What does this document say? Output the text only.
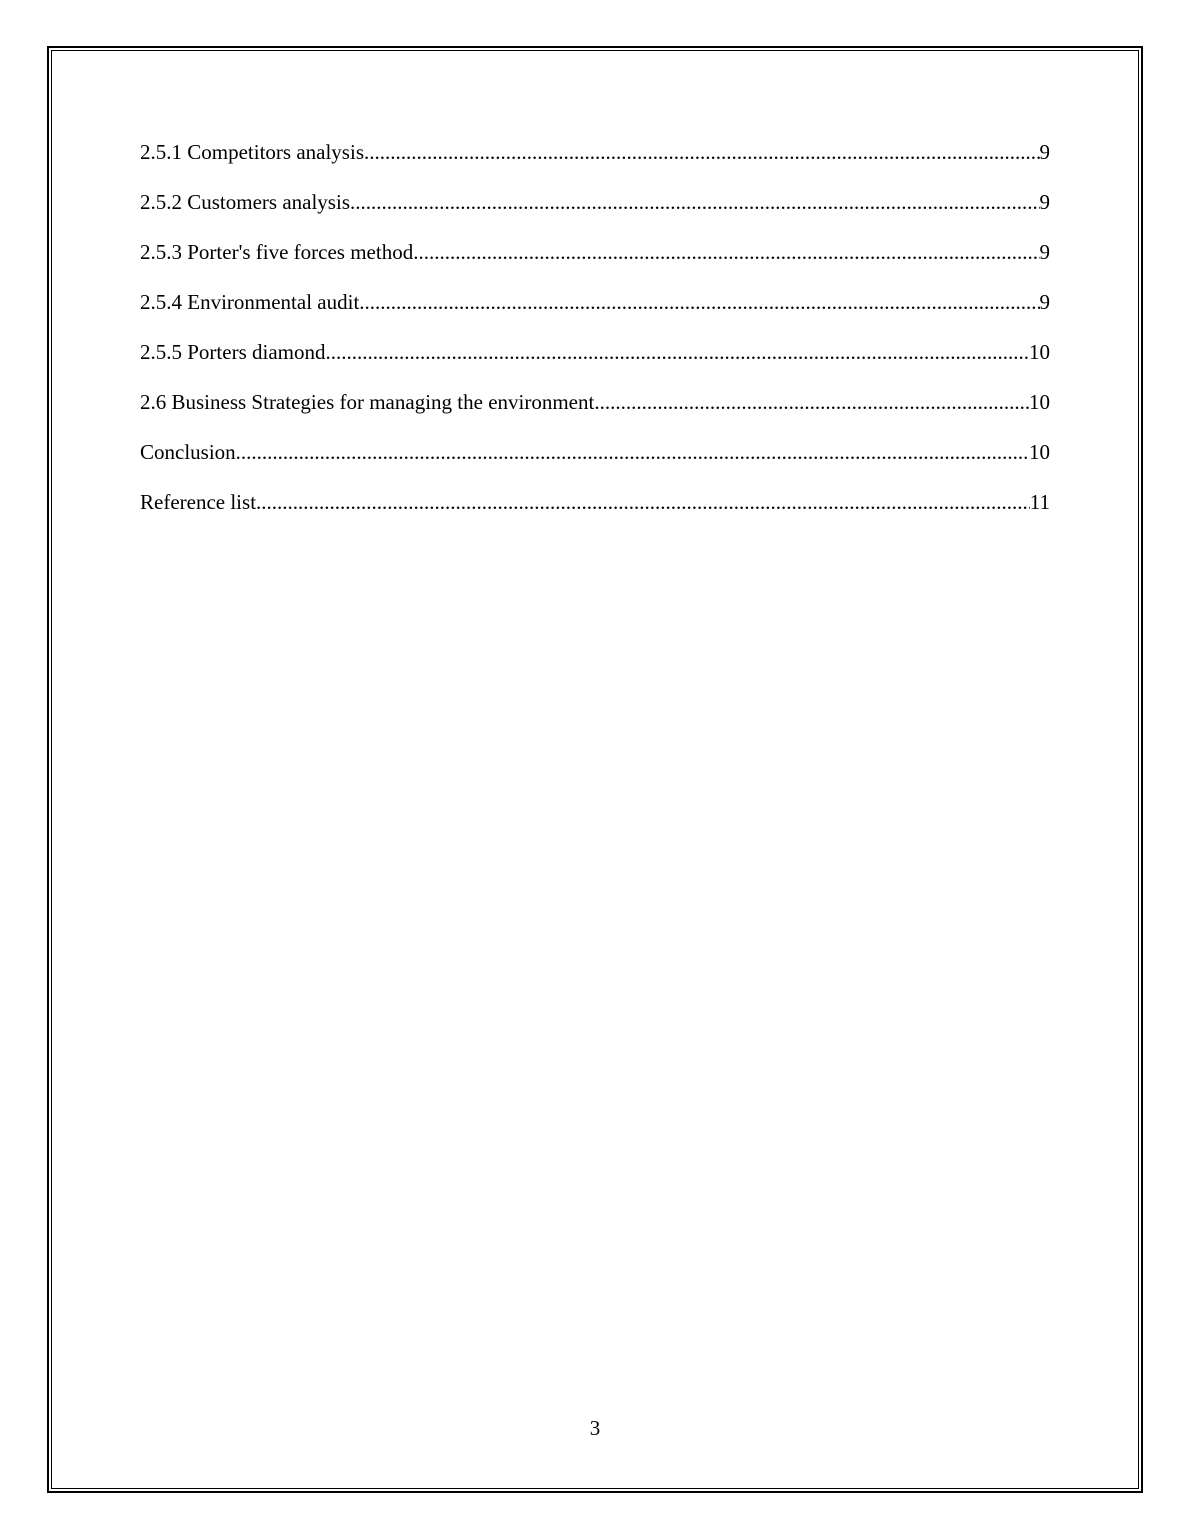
2.5.1 Competitors analysis .....	9
2.5.2 Customers analysis .....	9
2.5.3 Porter's five forces method .....	9
2.5.4 Environmental audit .....	9
2.5.5 Porters diamond .....	10
2.6 Business Strategies for managing the environment .....	10
Conclusion .....	10
Reference list .....	11
3
